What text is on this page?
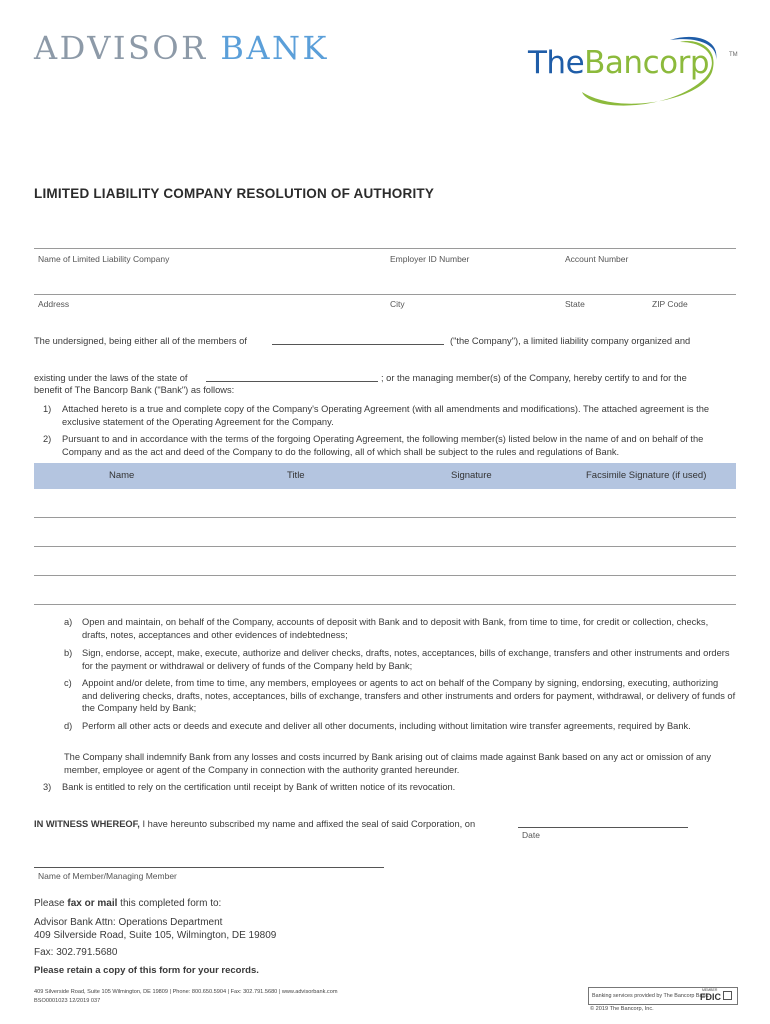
ADVISOR BANK	TheBancorp	TM
LIMITED LIABILITY COMPANY RESOLUTION OF AUTHORITY
Name of Limited Liability Company	Employer ID Number	Account Number
Address	City	State	ZIP Code
The undersigned, being either all of the members of	("the Company"), a limited liability company organized and
existing under the laws of the state of	; or the managing member(s) of the Company, hereby certify to and for the
benefit of The Bancorp Bank ("Bank") as follows:
1) Attached hereto is a true and complete copy of the Company's Operating Agreement (with all amendments and modifications). The attached agreement is the exclusive statement of the Operating Agreement for the Company.
2) Pursuant to and in accordance with the terms of the forgoing Operating Agreement, the following member(s) listed below in the name of and on behalf of the Company and as the act and deed of the Company to do the following, all of which shall be subject to the rules and regulations of Bank.
Name	Title	Signature	Facsimile Signature (if used)
a) Open and maintain, on behalf of the Company, accounts of deposit with Bank and to deposit with Bank, from time to time, for credit or collection, checks, drafts, notes, acceptances and other evidences of indebtedness;
b) Sign, endorse, accept, make, execute, authorize and deliver checks, drafts, notes, acceptances, bills of exchange, transfers and other instruments and orders for the payment or withdrawal or delivery of funds of the Company held by Bank;
c) Appoint and/or delete, from time to time, any members, employees or agents to act on behalf of the Company by signing, endorsing, executing, authorizing and delivering checks, drafts, notes, acceptances, bills of exchange, transfers and other instruments and orders for payment, withdrawal, or delivery of funds of the Company held by Bank;
d) Perform all other acts or deeds and execute and deliver all other documents, including without limitation wire transfer agreements, required by Bank.
The Company shall indemnify Bank from any losses and costs incurred by Bank arising out of claims made against Bank based on any act or omission of any member, employee or agent of the Company in connection with the authority granted hereunder.
3) Bank is entitled to rely on the certification until receipt by Bank of written notice of its revocation.
IN WITNESS WHEREOF, I have hereunto subscribed my name and affixed the seal of said Corporation, on
Date
Name of Member/Managing Member
Please fax or mail this completed form to:
Advisor Bank Attn: Operations Department
409 Silverside Road, Suite 105, Wilmington, DE 19809
Fax: 302.791.5680
Please retain a copy of this form for your records.
409 Silverside Road, Suite 105 Wilmington, DE 19809 | Phone: 800.650.5904 | Fax: 302.791.5680 | www.advisorbank.com
BSO0001023 12/2019 037
Banking services provided by The Bancorp Bank.
MEMBER
FDIC
© 2019 The Bancorp, Inc.
